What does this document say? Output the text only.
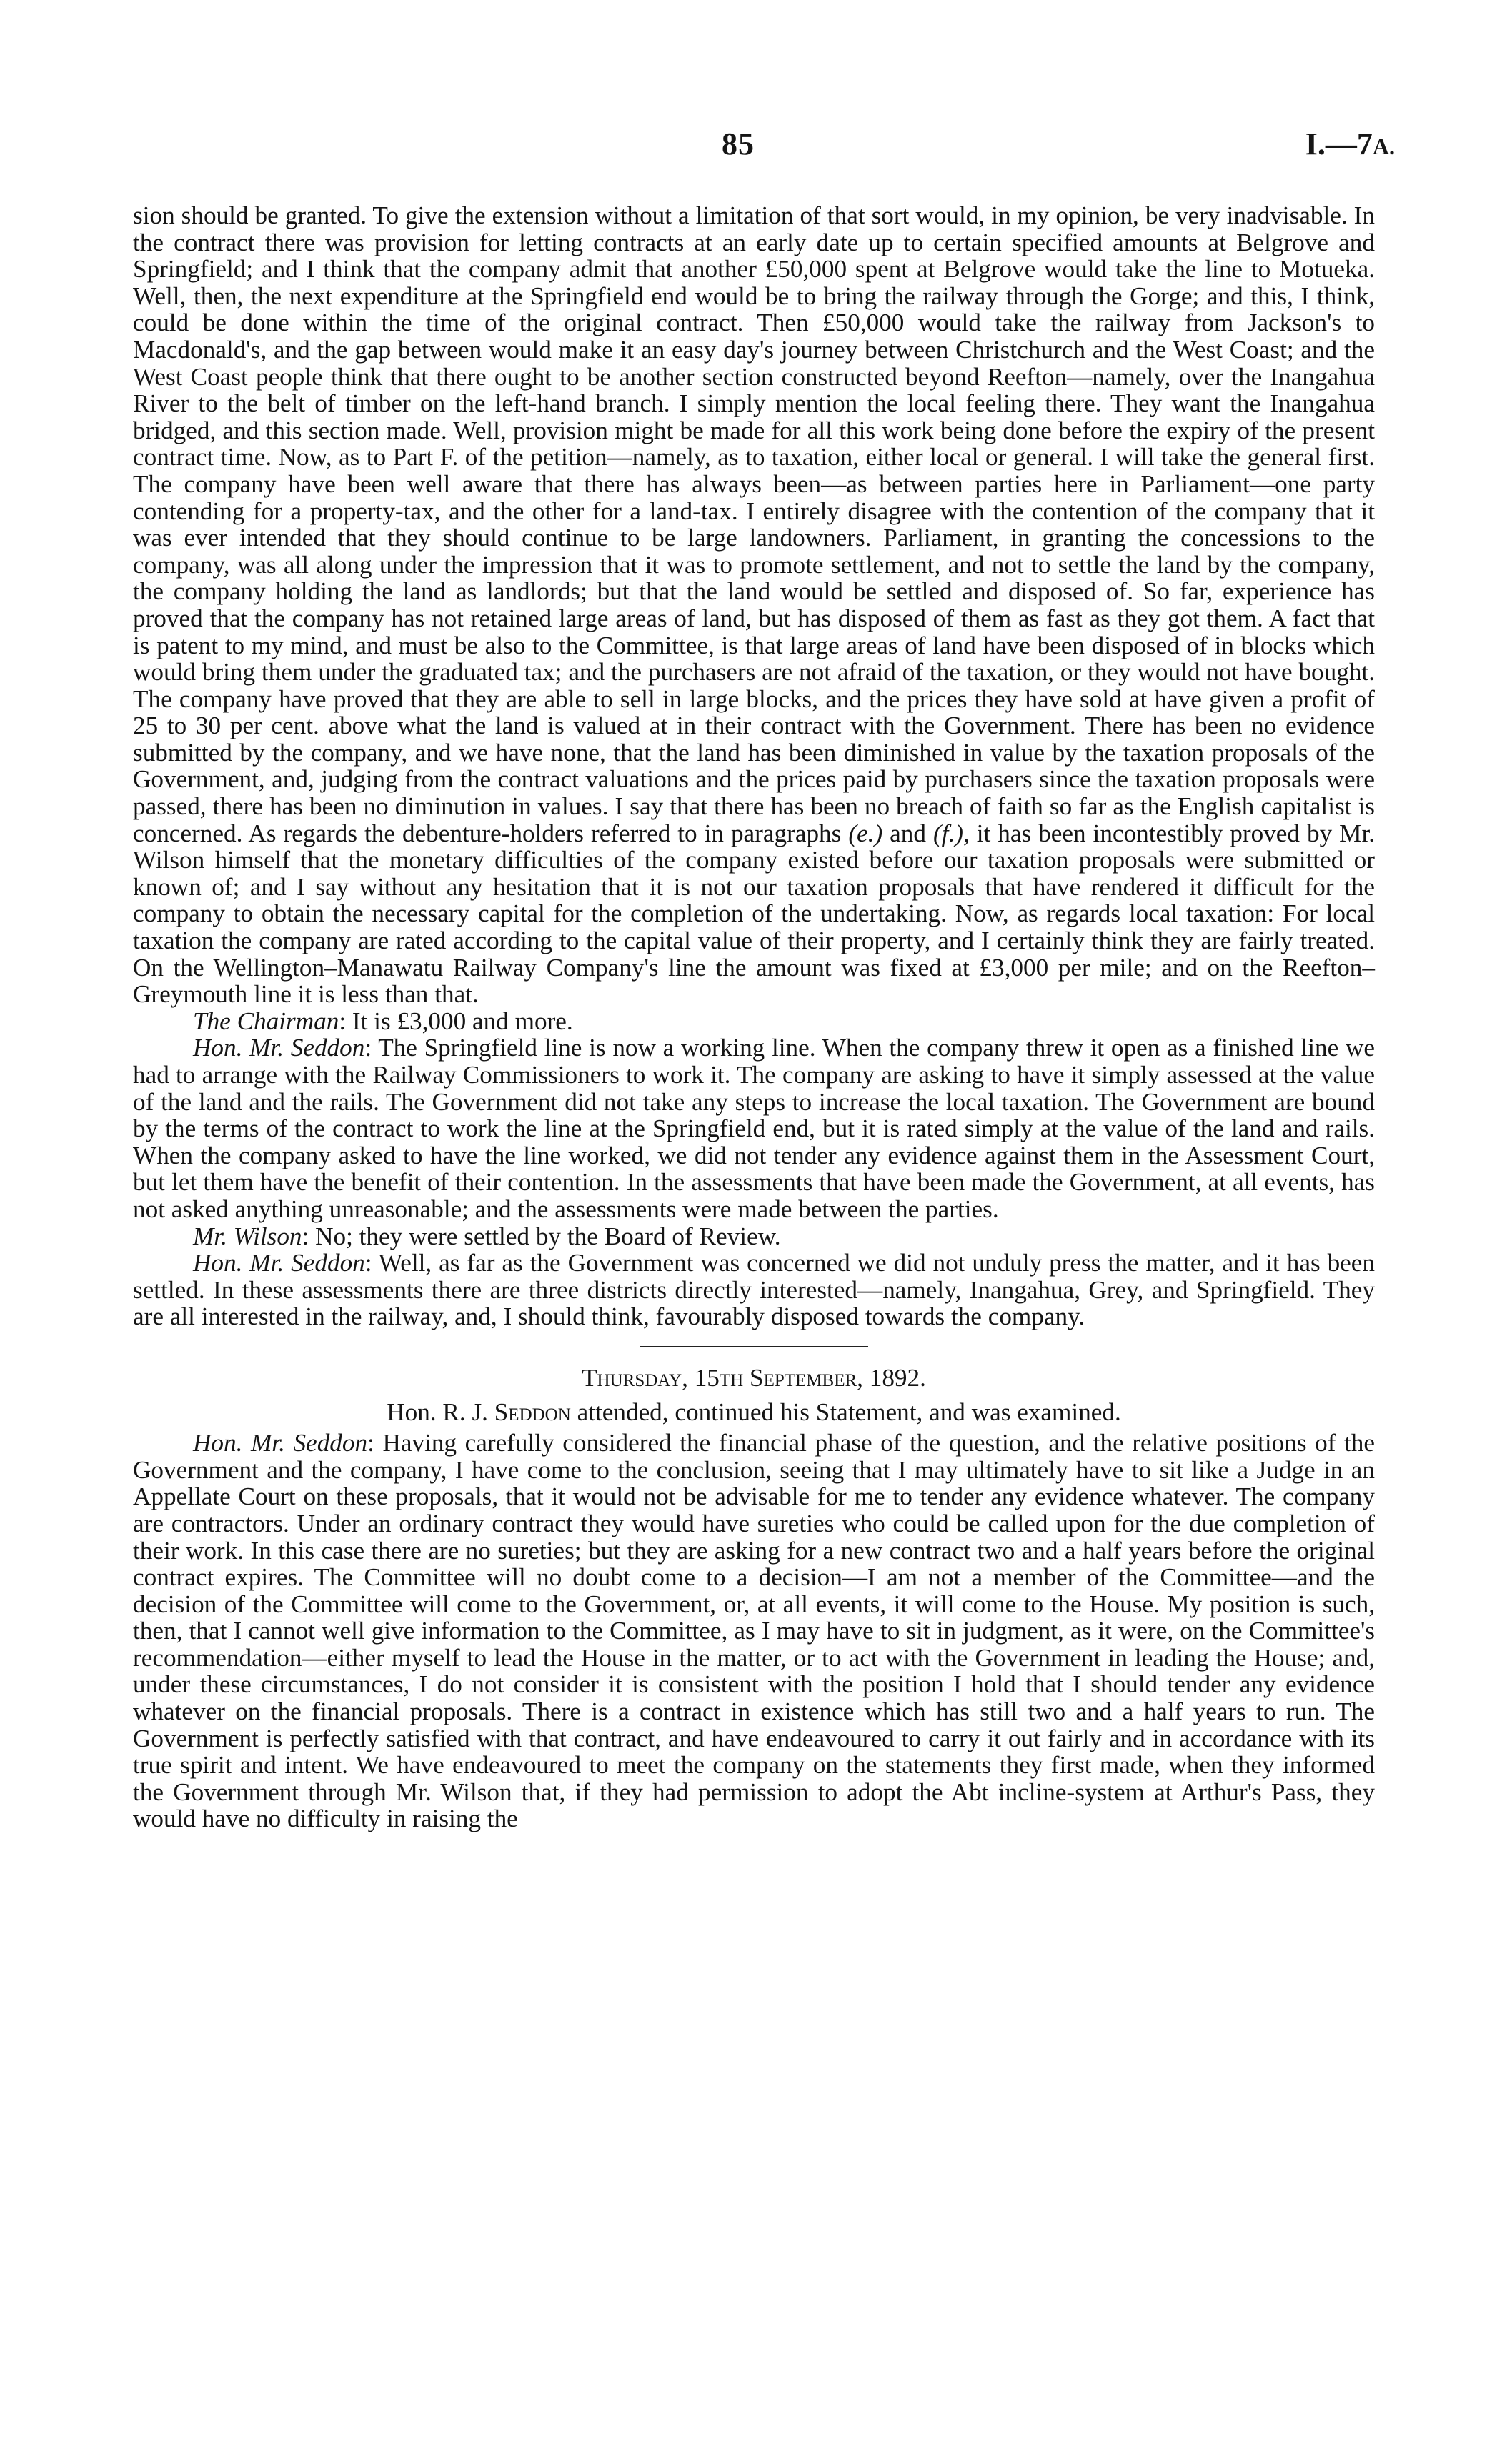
85	I.—7A.

sion should be granted. To give the extension without a limitation of that sort would, in my opinion, be very inadvisable. In the contract there was provision for letting contracts at an early date up to certain specified amounts at Belgrove and Springfield; and I think that the company admit that another £50,000 spent at Belgrove would take the line to Motueka. Well, then, the next expenditure at the Springfield end would be to bring the railway through the Gorge; and this, I think, could be done within the time of the original contract. Then £50,000 would take the railway from Jackson's to Macdonald's, and the gap between would make it an easy day's journey between Christchurch and the West Coast; and the West Coast people think that there ought to be another section constructed beyond Reefton—namely, over the Inangahua River to the belt of timber on the left-hand branch. I simply mention the local feeling there. They want the Inangahua bridged, and this section made. Well, provision might be made for all this work being done before the expiry of the present contract time. Now, as to Part F. of the petition—namely, as to taxation, either local or general. I will take the general first. The company have been well aware that there has always been—as between parties here in Parliament—one party contending for a property-tax, and the other for a land-tax. I entirely disagree with the contention of the company that it was ever intended that they should continue to be large landowners. Parliament, in granting the concessions to the company, was all along under the impression that it was to promote settlement, and not to settle the land by the company, the company holding the land as landlords; but that the land would be settled and disposed of. So far, experience has proved that the company has not retained large areas of land, but has disposed of them as fast as they got them. A fact that is patent to my mind, and must be also to the Committee, is that large areas of land have been disposed of in blocks which would bring them under the graduated tax; and the purchasers are not afraid of the taxation, or they would not have bought. The company have proved that they are able to sell in large blocks, and the prices they have sold at have given a profit of 25 to 30 per cent. above what the land is valued at in their contract with the Government. There has been no evidence submitted by the company, and we have none, that the land has been diminished in value by the taxation proposals of the Government, and, judging from the contract valuations and the prices paid by purchasers since the taxation proposals were passed, there has been no diminution in values. I say that there has been no breach of faith so far as the English capitalist is concerned. As regards the debenture-holders referred to in paragraphs (e.) and (f.), it has been incontestibly proved by Mr. Wilson himself that the monetary difficulties of the company existed before our taxation proposals were submitted or known of; and I say without any hesitation that it is not our taxation proposals that have rendered it difficult for the company to obtain the necessary capital for the completion of the undertaking. Now, as regards local taxation: For local taxation the company are rated according to the capital value of their property, and I certainly think they are fairly treated. On the Wellington–Manawatu Railway Company's line the amount was fixed at £3,000 per mile; and on the Reefton–Greymouth line it is less than that.

The Chairman: It is £3,000 and more.

Hon. Mr. Seddon: The Springfield line is now a working line. When the company threw it open as a finished line we had to arrange with the Railway Commissioners to work it. The company are asking to have it simply assessed at the value of the land and the rails. The Government did not take any steps to increase the local taxation. The Government are bound by the terms of the contract to work the line at the Springfield end, but it is rated simply at the value of the land and rails. When the company asked to have the line worked, we did not tender any evidence against them in the Assessment Court, but let them have the benefit of their contention. In the assessments that have been made the Government, at all events, has not asked anything unreasonable; and the assessments were made between the parties.

Mr. Wilson: No; they were settled by the Board of Review.

Hon. Mr. Seddon: Well, as far as the Government was concerned we did not unduly press the matter, and it has been settled. In these assessments there are three districts directly interested—namely, Inangahua, Grey, and Springfield. They are all interested in the railway, and, I should think, favourably disposed towards the company.

Thursday, 15th September, 1892.

Hon. R. J. Seddon attended, continued his Statement, and was examined.

Hon. Mr. Seddon: Having carefully considered the financial phase of the question, and the relative positions of the Government and the company, I have come to the conclusion, seeing that I may ultimately have to sit like a Judge in an Appellate Court on these proposals, that it would not be advisable for me to tender any evidence whatever. The company are contractors. Under an ordinary contract they would have sureties who could be called upon for the due completion of their work. In this case there are no sureties; but they are asking for a new contract two and a half years before the original contract expires. The Committee will no doubt come to a decision—I am not a member of the Committee—and the decision of the Committee will come to the Government, or, at all events, it will come to the House. My position is such, then, that I cannot well give information to the Committee, as I may have to sit in judgment, as it were, on the Committee's recommendation—either myself to lead the House in the matter, or to act with the Government in leading the House; and, under these circumstances, I do not consider it is consistent with the position I hold that I should tender any evidence whatever on the financial proposals. There is a contract in existence which has still two and a half years to run. The Government is perfectly satisfied with that contract, and have endeavoured to carry it out fairly and in accordance with its true spirit and intent. We have endeavoured to meet the company on the statements they first made, when they informed the Government through Mr. Wilson that, if they had permission to adopt the Abt incline-system at Arthur's Pass, they would have no difficulty in raising the
